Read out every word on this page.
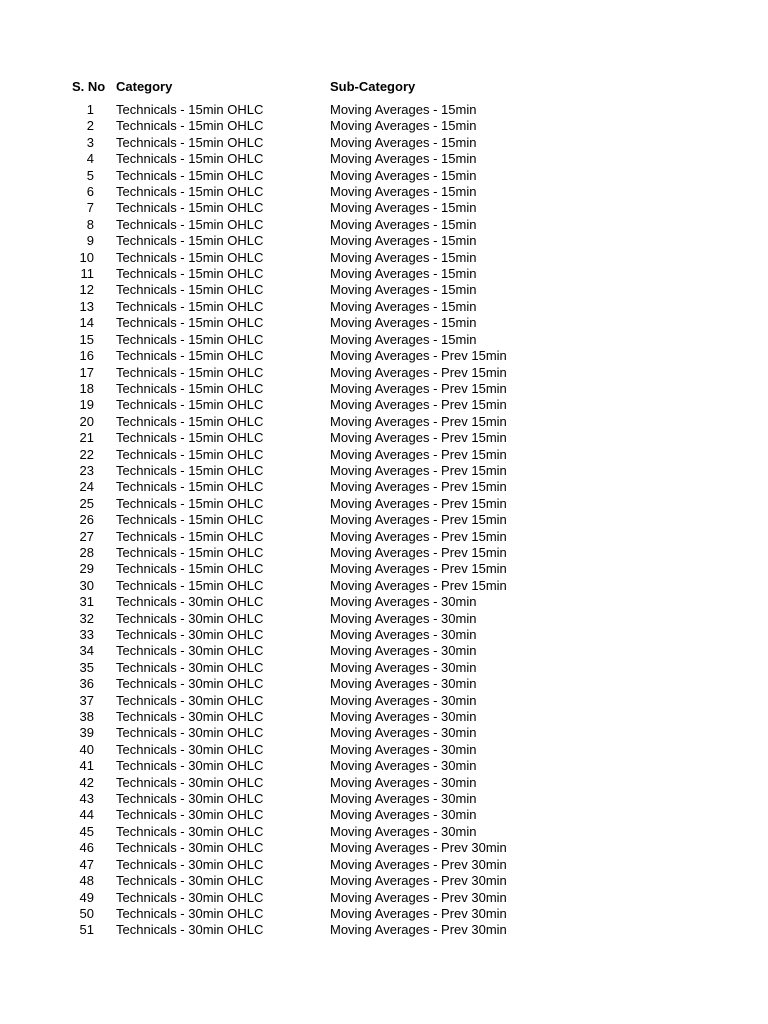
S. No Category	Sub-Category
1 Technicals - 15min OHLC	Moving Averages - 15min
2 Technicals - 15min OHLC	Moving Averages - 15min
3 Technicals - 15min OHLC	Moving Averages - 15min
4 Technicals - 15min OHLC	Moving Averages - 15min
5 Technicals - 15min OHLC	Moving Averages - 15min
6 Technicals - 15min OHLC	Moving Averages - 15min
7 Technicals - 15min OHLC	Moving Averages - 15min
8 Technicals - 15min OHLC	Moving Averages - 15min
9 Technicals - 15min OHLC	Moving Averages - 15min
10 Technicals - 15min OHLC	Moving Averages - 15min
11 Technicals - 15min OHLC	Moving Averages - 15min
12 Technicals - 15min OHLC	Moving Averages - 15min
13 Technicals - 15min OHLC	Moving Averages - 15min
14 Technicals - 15min OHLC	Moving Averages - 15min
15 Technicals - 15min OHLC	Moving Averages - 15min
16 Technicals - 15min OHLC	Moving Averages - Prev 15min
17 Technicals - 15min OHLC	Moving Averages - Prev 15min
18 Technicals - 15min OHLC	Moving Averages - Prev 15min
19 Technicals - 15min OHLC	Moving Averages - Prev 15min
20 Technicals - 15min OHLC	Moving Averages - Prev 15min
21 Technicals - 15min OHLC	Moving Averages - Prev 15min
22 Technicals - 15min OHLC	Moving Averages - Prev 15min
23 Technicals - 15min OHLC	Moving Averages - Prev 15min
24 Technicals - 15min OHLC	Moving Averages - Prev 15min
25 Technicals - 15min OHLC	Moving Averages - Prev 15min
26 Technicals - 15min OHLC	Moving Averages - Prev 15min
27 Technicals - 15min OHLC	Moving Averages - Prev 15min
28 Technicals - 15min OHLC	Moving Averages - Prev 15min
29 Technicals - 15min OHLC	Moving Averages - Prev 15min
30 Technicals - 15min OHLC	Moving Averages - Prev 15min
31 Technicals - 30min OHLC	Moving Averages - 30min
32 Technicals - 30min OHLC	Moving Averages - 30min
33 Technicals - 30min OHLC	Moving Averages - 30min
34 Technicals - 30min OHLC	Moving Averages - 30min
35 Technicals - 30min OHLC	Moving Averages - 30min
36 Technicals - 30min OHLC	Moving Averages - 30min
37 Technicals - 30min OHLC	Moving Averages - 30min
38 Technicals - 30min OHLC	Moving Averages - 30min
39 Technicals - 30min OHLC	Moving Averages - 30min
40 Technicals - 30min OHLC	Moving Averages - 30min
41 Technicals - 30min OHLC	Moving Averages - 30min
42 Technicals - 30min OHLC	Moving Averages - 30min
43 Technicals - 30min OHLC	Moving Averages - 30min
44 Technicals - 30min OHLC	Moving Averages - 30min
45 Technicals - 30min OHLC	Moving Averages - 30min
46 Technicals - 30min OHLC	Moving Averages - Prev 30min
47 Technicals - 30min OHLC	Moving Averages - Prev 30min
48 Technicals - 30min OHLC	Moving Averages - Prev 30min
49 Technicals - 30min OHLC	Moving Averages - Prev 30min
50 Technicals - 30min OHLC	Moving Averages - Prev 30min
51 Technicals - 30min OHLC	Moving Averages - Prev 30min
